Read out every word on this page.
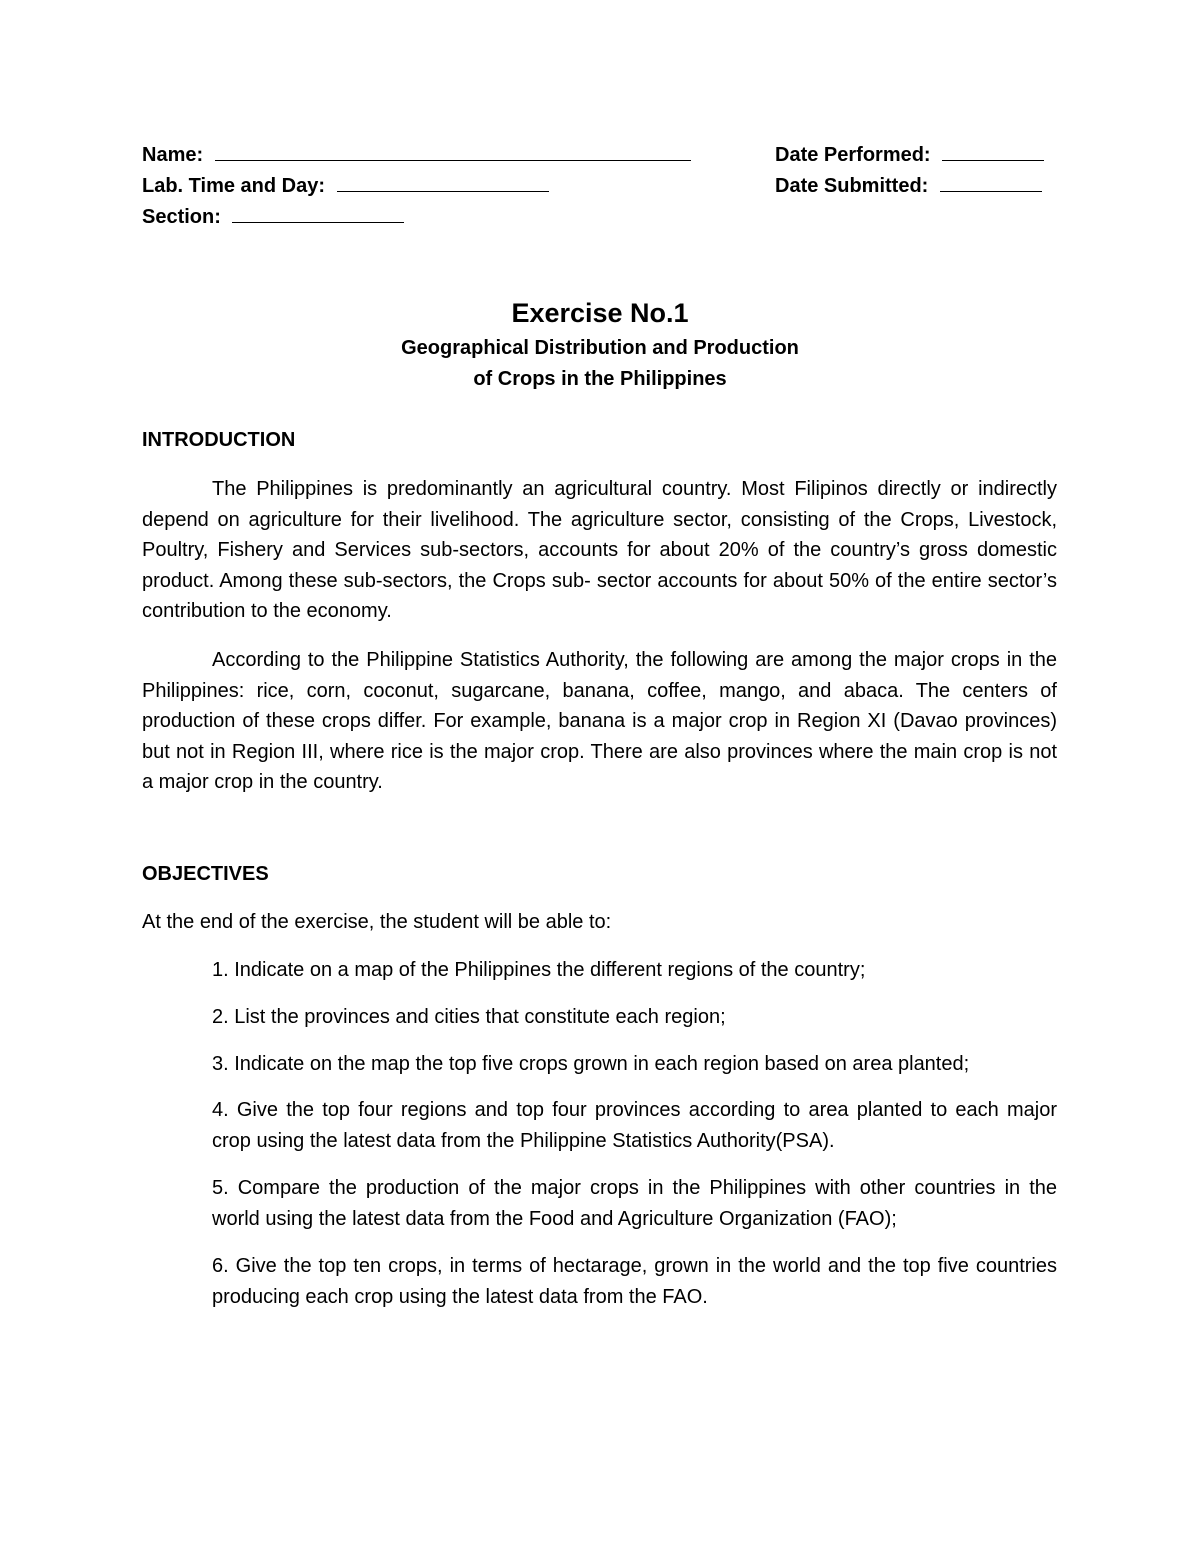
Name:
Lab. Time and Day:
Section:
Date Performed:
Date Submitted:
Exercise No.1
Geographical Distribution and Production
of Crops in the Philippines
INTRODUCTION

The Philippines is predominantly an agricultural country. Most Filipinos directly or indirectly depend on agriculture for their livelihood. The agriculture sector, consisting of the Crops, Livestock, Poultry, Fishery and Services sub-sectors, accounts for about 20% of the country’s gross domestic product. Among these sub-sectors, the Crops sub- sector accounts for about 50% of the entire sector’s contribution to the economy.

According to the Philippine Statistics Authority, the following are among the major crops in the Philippines: rice, corn, coconut, sugarcane, banana, coffee, mango, and abaca. The centers of production of these crops differ. For example, banana is a major crop in Region XI (Davao provinces) but not in Region III, where rice is the major crop. There are also provinces where the main crop is not a major crop in the country.

OBJECTIVES
At the end of the exercise, the student will be able to:

1. Indicate on a map of the Philippines the different regions of the country;

2. List the provinces and cities that constitute each region;

3. Indicate on the map the top five crops grown in each region based on area planted;

4. Give the top four regions and top four provinces according to area planted to each major crop using the latest data from the Philippine Statistics Authority(PSA).

5. Compare the production of the major crops in the Philippines with other countries in the world using the latest data from the Food and Agriculture Organization (FAO);

6. Give the top ten crops, in terms of hectarage, grown in the world and the top five countries producing each crop using the latest data from the FAO.
